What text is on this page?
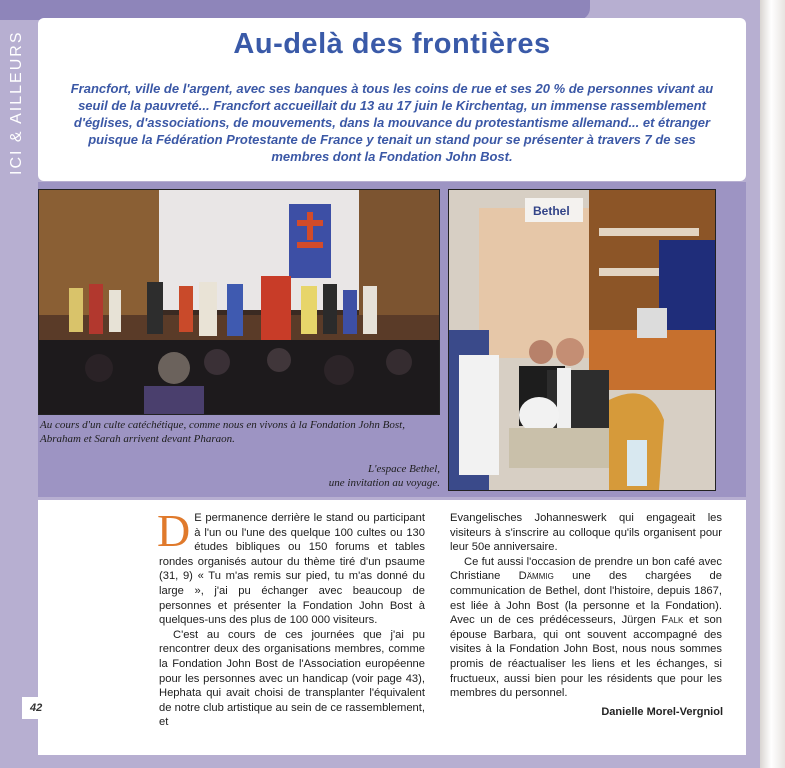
ICI & AILLEURS	Au-delà des frontières

Francfort, ville de l'argent, avec ses banques à tous les coins de rue et ses 20 % de personnes vivant au seuil de la pauvreté... Francfort accueillait du 13 au 17 juin le Kirchentag, un immense rassemblement d'églises, d'associations, de mouvements, dans la mouvance du protestantisme allemand... et étranger puisque la Fédération Protestante de France y tenait un stand pour se présenter à travers 7 de ses membres dont la Fondation John Bost.

Bethel

Au cours d'un culte catéchétique, comme nous en vivons à la Fondation John Bost, Abraham et Sarah arrivent devant Pharaon.

L'espace Bethel,
une invitation au voyage.

D E permanence derrière le stand ou participant à l'un ou l'une des quelque 100 cultes ou 130 études bibliques ou 150 forums et tables rondes organisés autour du thème tiré d'un psaume (31, 9) « Tu m'as remis sur pied, tu m'as donné du large », j'ai pu échanger avec beaucoup de personnes et présenter la Fondation John Bost à quelques-uns des plus de 100 000 visiteurs.

C'est au cours de ces journées que j'ai pu rencontrer deux des organisations membres, comme la Fondation John Bost de l'Association européenne pour les personnes avec un handicap (voir page 43), Hephata qui avait choisi de transplanter l'équivalent de notre club artistique au sein de ce rassemblement, et

Evangelisches Johanneswerk qui engageait les visiteurs à s'inscrire au colloque qu'ils organisent pour leur 50e anniversaire.

Ce fut aussi l'occasion de prendre un bon café avec Christiane Dämmig une des chargées de communication de Bethel, dont l'histoire, depuis 1867, est liée à John Bost (la personne et la Fondation). Avec un de ces prédécesseurs, Jürgen Falk et son épouse Barbara, qui ont souvent accompagné des visites à la Fondation John Bost, nous nous sommes promis de réactualiser les liens et les échanges, si fructueux, aussi bien pour les résidents que pour les membres du personnel.

Danielle Morel-Vergniol

42
